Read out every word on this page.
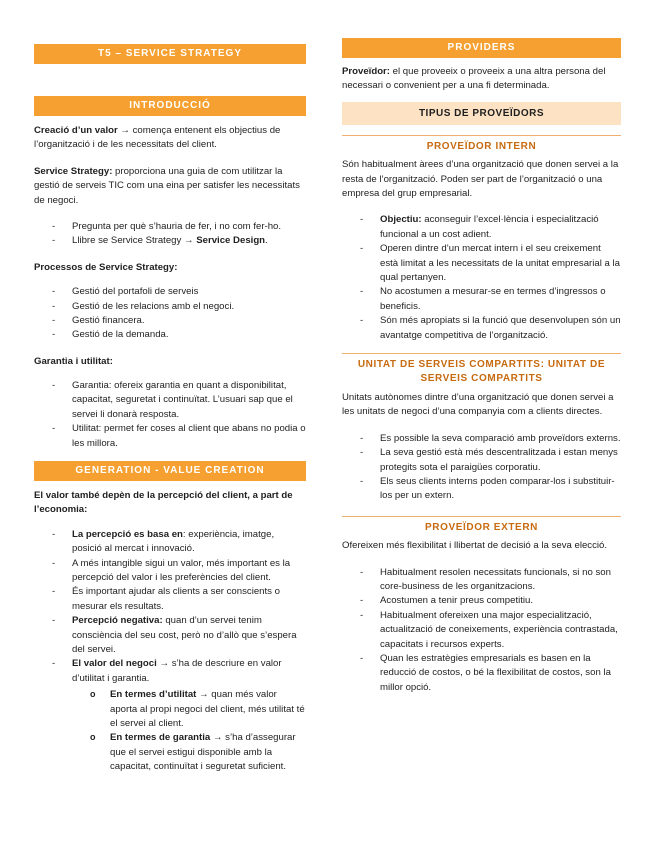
T5 – SERVICE STRATEGY
INTRODUCCIÓ

Creació d’un valor → comença entenent els objectius de l’organització i de les necessitats del client.

Service Strategy: proporciona una guia de com utilitzar la gestió de serveis TIC com una eina per satisfer les necessitats de negoci.

- Pregunta per què s’hauria de fer, i no com fer-ho.
- Llibre se Service Strategy → Service Design.

Processos de Service Strategy:

- Gestió del portafoli de serveis
- Gestió de les relacions amb el negoci.
- Gestió financera.
- Gestió de la demanda.

Garantia i utilitat:

- Garantia: ofereix garantia en quant a disponibilitat, capacitat, seguretat i continuïtat. L’usuari sap que el servei li donarà resposta.
- Utilitat: permet fer coses al client que abans no podia o les millora.
GENERATION - VALUE CREATION

El valor també depèn de la percepció del client, a part de l’economia:

- La percepció es basa en: experiència, imatge, posició al mercat i innovació.
- A més intangible sigui un valor, més important es la percepció del valor i les preferències del client.
- És important ajudar als clients a ser conscients o mesurar els resultats.
- Percepció negativa: quan d’un servei tenim consciència del seu cost, però no d’allò que s’espera del servei.
- El valor del negoci → s’ha de descriure en valor d’utilitat i garantia.
o En termes d’utilitat → quan més valor aporta al propi negoci del client, més utilitat té el servei al client.
o En termes de garantia → s’ha d’assegurar que el servei estigui disponible amb la capacitat, continuïtat i seguretat suficient.
PROVIDERS

Proveïdor: el que proveeix o proveeix a una altra persona del necessari o convenient per a una fi determinada.

TIPUS DE PROVEÏDORS
PROVEÏDOR INTERN

Són habitualment àrees d’una organització que donen servei a la resta de l’organització. Poden ser part de l’organització o una empresa del grup empresarial.

- Objectiu: aconseguir l’excel·lència i especialització funcional a un cost adient.
- Operen dintre d’un mercat intern i el seu creixement està limitat a les necessitats de la unitat empresarial a la qual pertanyen.
- No acostumen a mesurar-se en termes d’ingressos o beneficis.
- Són més apropiats si la funció que desenvolupen són un avantatge competitiva de l’organització.
UNITAT DE SERVEIS COMPARTITS: UNITAT DE SERVEIS COMPARTITS

Unitats autònomes dintre d’una organització que donen servei a les unitats de negoci d’una companyia com a clients directes.

- Es possible la seva comparació amb proveïdors externs.
- La seva gestió està més descentralitzada i estan menys protegits sota el paraigües corporatiu.
- Els seus clients interns poden comparar-los i substituir-los per un extern.
PROVEÏDOR EXTERN

Ofereixen més flexibilitat i llibertat de decisió a la seva elecció.

- Habitualment resolen necessitats funcionals, si no son core-business de les organitzacions.
- Acostumen a tenir preus competitiu.
- Habitualment ofereixen una major especialització, actualització de coneixements, experiència contrastada, capacitats i recursos experts.
- Quan les estratègies empresarials es basen en la reducció de costos, o bé la flexibilitat de costos, son la millor opció.
